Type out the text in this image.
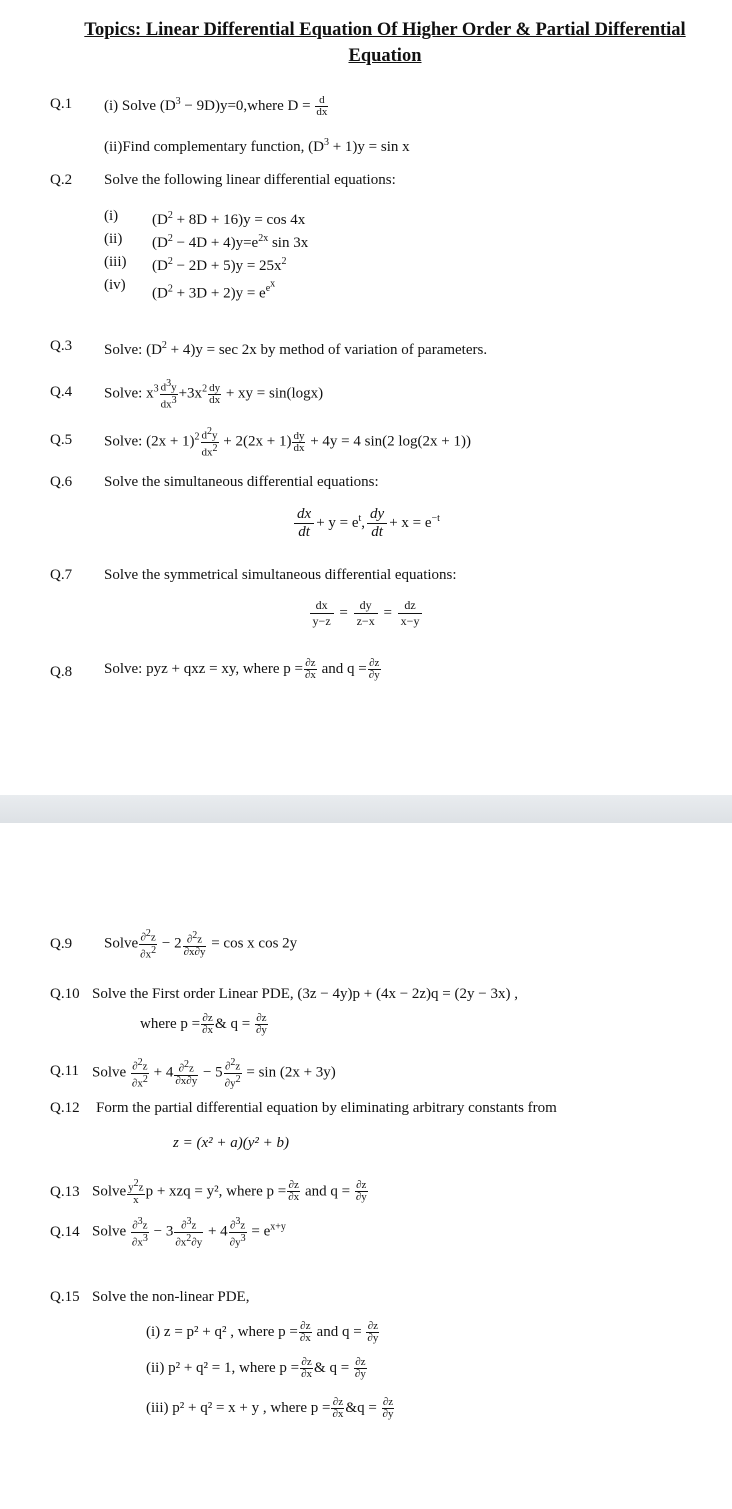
Topics: Linear Differential Equation Of Higher Order & Partial Differential
Equation
Q.1 (i) Solve ($D^3$ − 9D)y=0,where $D = \frac{d}{dx}$
(ii)Find complementary function, $(D^3 + 1)y = \sin x$
Q.2 Solve the following linear differential equations:
(i) $(D^2 + 8D + 16)y = \cos 4x$
(ii) $(D^2 - 4D + 4)y=e^{2x}$ sin 3x
(iii) $(D^2 - 2D + 5)y = 25x^2$
(iv)
$(D^2 + 3D + 2)y = e^{e^x}$
Q.3 Solve: $(D^2 + 4)y = \sec 2x$ by method of variation of parameters.
Q.4 Solve: $x^3 \frac{d^3y}{dx^3} +3x^2 \frac{dy}{dx}$ + xy = sin(logx)
Q.5 Solve: $(2x + 1)^2 \frac{d^2y}{dx^2} + 2(2x + 1) \frac{dy}{dx} + 4y = 4$ sin(2 log(2x + 1))
Q.6 Solve the simultaneous differential equations:
$\frac{dx}{dt} + y = e^t$, $\frac{dy}{dt} + x = e^{-t}$
Q.7 Solve the symmetrical simultaneous differential equations:
$\frac{dx}{y-z} = \frac{dy}{z-x} = \frac{dz}{x-y}$
Q.8 Solve: pyz + qxz = xy, where $p = \frac{\partial z}{\partial x}$ and $q = \frac{\partial z}{\partial y}$
Q.9 Solve $\frac{\partial^2z}{\partial x^2} - 2 \frac{\partial^2z}{\partial x\partial y} = \cos x$ cos 2y
Q.10 Solve the First order Linear PDE, (3z − 4y)p + (4x − 2z)q = (2y − 3x) ,
where $p = \frac{\partial z}{\partial x}$ & $q = \frac{\partial z}{\partial y}$
Q.11 Solve $\frac{\partial^2z}{\partial x^2} + 4 \frac{\partial^2z}{\partial x\partial y} - 5 \frac{\partial^2z}{\partial y^2} = \sin (2x + 3y)$
Q.12 Form the partial differential equation by eliminating arbitrary constants from
z = (x² + a)(y² + b)
Q.13 Solve $\frac{y^2z}{x}$ p + xzq = y², where $p = \frac{\partial z}{\partial x}$ and $q = \frac{\partial z}{\partial y}$
Q.14 Solve $\frac{\partial^3z}{\partial x^3} - 3 \frac{\partial^3z}{\partial x^2\partial y} + 4 \frac{\partial^3z}{\partial y^3} = e^{x+y}$
Q.15 Solve the non-linear PDE,
(i) z = p² + q² , where $p = \frac{\partial z}{\partial x}$ and $q = \frac{\partial z}{\partial y}$
(ii) p² + q² = 1, where $p = \frac{\partial z}{\partial x}$ & $q = \frac{\partial z}{\partial y}$
(iii) p² + q² = x + y , where $p = \frac{\partial z}{\partial x}$ &q = $\frac{\partial z}{\partial y}$
